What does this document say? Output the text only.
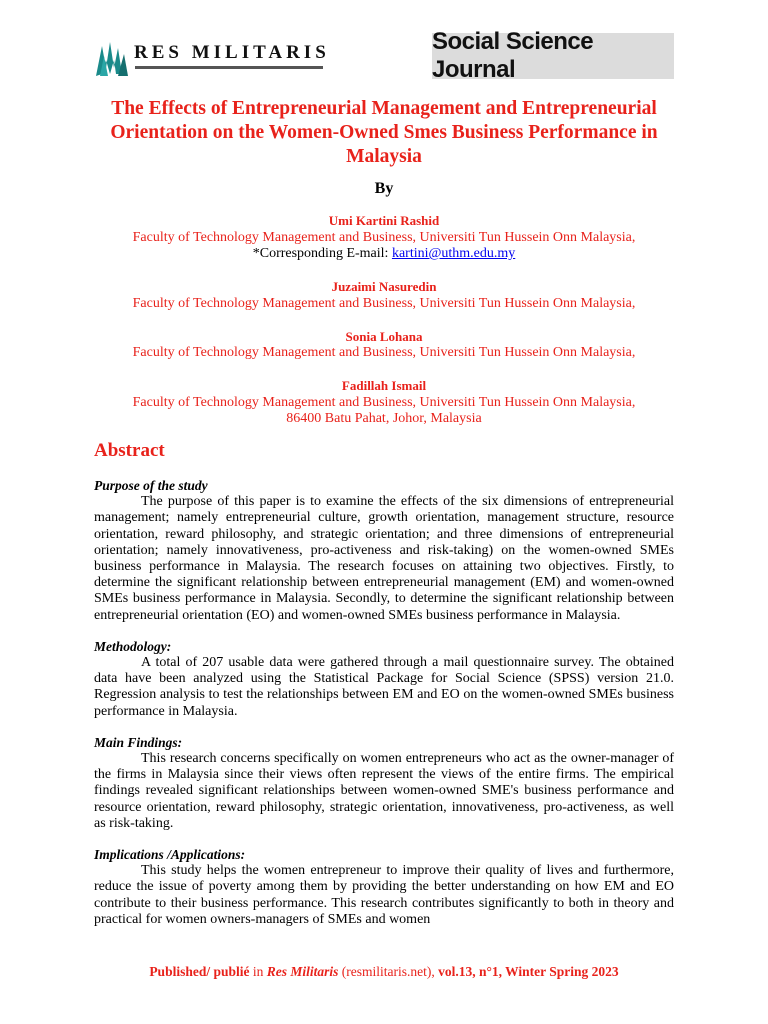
RES MILITARIS	Social Science Journal
The Effects of Entrepreneurial Management and Entrepreneurial Orientation on the Women-Owned Smes Business Performance in Malaysia
By
Umi Kartini Rashid
Faculty of Technology Management and Business, Universiti Tun Hussein Onn Malaysia,
*Corresponding E-mail: kartini@uthm.edu.my
Juzaimi Nasuredin
Faculty of Technology Management and Business, Universiti Tun Hussein Onn Malaysia,
Sonia Lohana
Faculty of Technology Management and Business, Universiti Tun Hussein Onn Malaysia,
Fadillah Ismail
Faculty of Technology Management and Business, Universiti Tun Hussein Onn Malaysia,
86400 Batu Pahat, Johor, Malaysia
Abstract
Purpose of the study

The purpose of this paper is to examine the effects of the six dimensions of entrepreneurial management; namely entrepreneurial culture, growth orientation, management structure, resource orientation, reward philosophy, and strategic orientation; and three dimensions of entrepreneurial orientation; namely innovativeness, pro-activeness and risk-taking) on the women-owned SMEs business performance in Malaysia. The research focuses on attaining two objectives. Firstly, to determine the significant relationship between entrepreneurial management (EM) and women-owned SMEs business performance in Malaysia. Secondly, to determine the significant relationship between entrepreneurial orientation (EO) and women-owned SMEs business performance in Malaysia.

Methodology:

A total of 207 usable data were gathered through a mail questionnaire survey. The obtained data have been analyzed using the Statistical Package for Social Science (SPSS) version 21.0. Regression analysis to test the relationships between EM and EO on the women-owned SMEs business performance in Malaysia.

Main Findings:

This research concerns specifically on women entrepreneurs who act as the owner-manager of the firms in Malaysia since their views often represent the views of the entire firms. The empirical findings revealed significant relationships between women-owned SME's business performance and resource orientation, reward philosophy, strategic orientation, innovativeness, pro-activeness, as well as risk-taking.

Implications /Applications:

This study helps the women entrepreneur to improve their quality of lives and furthermore, reduce the issue of poverty among them by providing the better understanding on how EM and EO contribute to their business performance. This research contributes significantly to both in theory and practical for women owners-managers of SMEs and women

Published/ publié in Res Militaris (resmilitaris.net), vol.13, n°1, Winter Spring 2023
